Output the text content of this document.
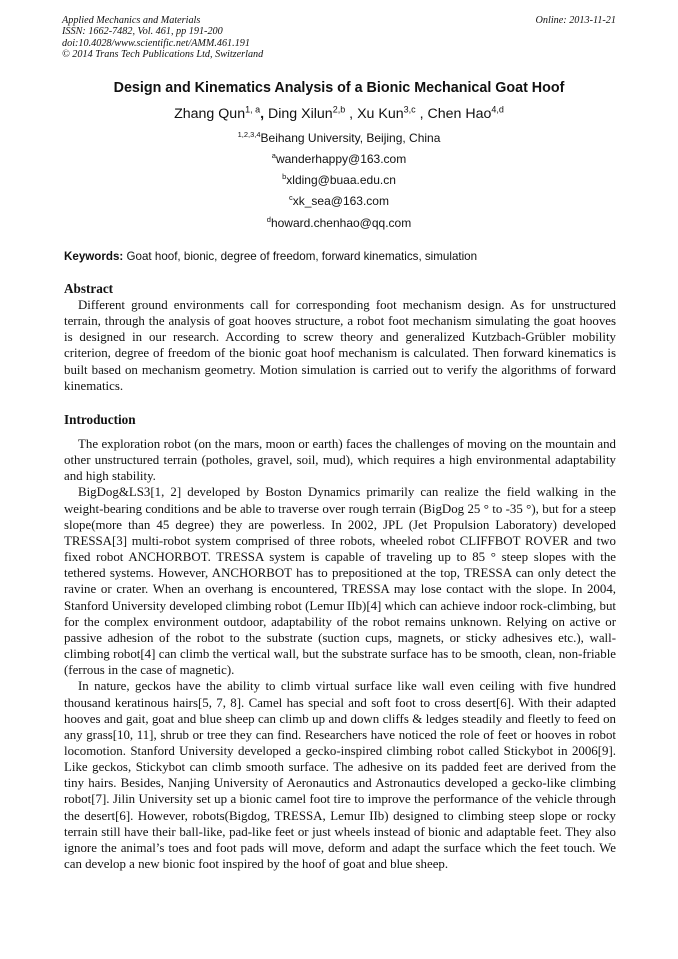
Applied Mechanics and Materials
ISSN: 1662-7482, Vol. 461, pp 191-200
doi:10.4028/www.scientific.net/AMM.461.191
© 2014 Trans Tech Publications Ltd, Switzerland
Online: 2013-11-21
Design and Kinematics Analysis of a Bionic Mechanical Goat Hoof
Zhang Qun$^{1, a}$, Ding Xilun$^{2,b}$ , Xu Kun$^{3,c}$ , Chen Hao$^{4,d}$
$^{1,2,3,4}$Beihang University, Beijing, China
$^a$wanderhappy@163.com
$^b$xlding@buaa.edu.cn
$^c$xk_sea@163.com
$^d$howard.chenhao@qq.com
Keywords: Goat hoof, bionic, degree of freedom, forward kinematics, simulation
Abstract

Different ground environments call for corresponding foot mechanism design. As for unstructured terrain, through the analysis of goat hooves structure, a robot foot mechanism simulating the goat hooves is designed in our research. According to screw theory and generalized Kutzbach-Grübler mobility criterion, degree of freedom of the bionic goat hoof mechanism is calculated. Then forward kinematics is built based on mechanism geometry. Motion simulation is carried out to verify the algorithms of forward kinematics.

Introduction

The exploration robot (on the mars, moon or earth) faces the challenges of moving on the mountain and other unstructured terrain (potholes, gravel, soil, mud), which requires a high environmental adaptability and high stability.

BigDog&LS3[1, 2] developed by Boston Dynamics primarily can realize the field walking in the weight-bearing conditions and be able to traverse over rough terrain (BigDog 25 ° to -35 °), but for a steep slope(more than 45 degree) they are powerless. In 2002, JPL (Jet Propulsion Laboratory) developed TRESSA[3] multi-robot system comprised of three robots, wheeled robot CLIFFBOT ROVER and two fixed robot ANCHORBOT. TRESSA system is capable of traveling up to 85 ° steep slopes with the tethered systems. However, ANCHORBOT has to prepositioned at the top, TRESSA can only detect the ravine or crater. When an overhang is encountered, TRESSA may lose contact with the slope. In 2004, Stanford University developed climbing robot (Lemur IIb)[4] which can achieve indoor rock-climbing, but for the complex environment outdoor, adaptability of the robot remains unknown. Relying on active or passive adhesion of the robot to the substrate (suction cups, magnets, or sticky adhesives etc.), wall-climbing robot[4] can climb the vertical wall, but the substrate surface has to be smooth, clean, non-friable (ferrous in the case of magnetic).

In nature, geckos have the ability to climb virtual surface like wall even ceiling with five hundred thousand keratinous hairs[5, 7, 8]. Camel has special and soft foot to cross desert[6]. With their adapted hooves and gait, goat and blue sheep can climb up and down cliffs & ledges steadily and fleetly to feed on any grass[10, 11], shrub or tree they can find. Researchers have noticed the role of feet or hooves in robot locomotion. Stanford University developed a gecko-inspired climbing robot called Stickybot in 2006[9]. Like geckos, Stickybot can climb smooth surface. The adhesive on its padded feet are derived from the tiny hairs. Besides, Nanjing University of Aeronautics and Astronautics developed a gecko-like climbing robot[7]. Jilin University set up a bionic camel foot tire to improve the performance of the vehicle through the desert[6]. However, robots(Bigdog, TRESSA, Lemur IIb) designed to climbing steep slope or rocky terrain still have their ball-like, pad-like feet or just wheels instead of bionic and adaptable feet. They also ignore the animal’s toes and foot pads will move, deform and adapt the surface which the feet touch. We can develop a new bionic foot inspired by the hoof of goat and blue sheep.
